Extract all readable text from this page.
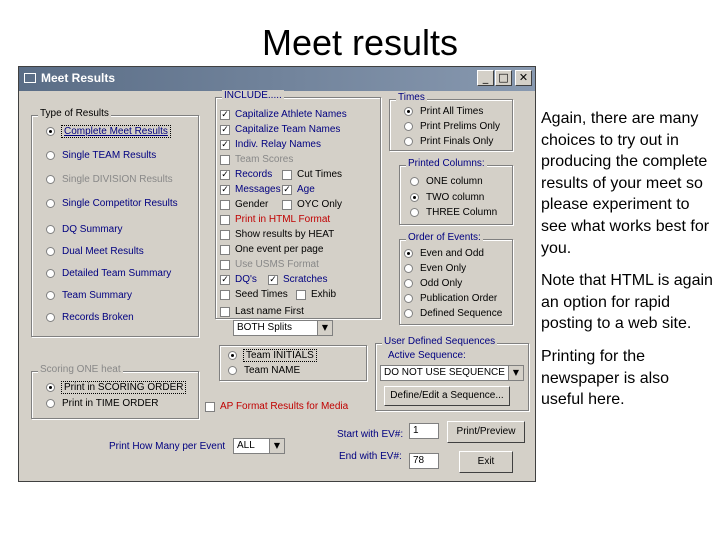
Meet results
Meet Results	_ □ ✕
Type of Results
Complete Meet Results
Single TEAM Results
Single DIVISION Results
Single Competitor Results
DQ Summary
Dual Meet Results
Detailed Team Summary
Team Summary
Records Broken
Scoring ONE heat
Print in SCORING ORDER
Print in TIME ORDER
INCLUDE.....
✓ Capitalize Athlete Names
✓ Capitalize Team Names
✓ Indiv. Relay Names
Team Scores
✓ Records Cut Times
✓ Messages ✓ Age
Gender	OYC Only
Print in HTML Format
Show results by HEAT
One event per page
Use USMS Format
✓ DQ's ✓ Scratches
Seed Times Exhib
Last name First
BOTH Splits	▼
Team INITIALS
Team NAME
Times
Print All Times
Print Prelims Only
Print Finals Only
Printed Columns:
ONE column
TWO column
THREE Column
Order of Events:
Even and Odd
Even Only
Odd Only
Publication Order
Defined Sequence
User Defined Sequences
Active Sequence:
DO NOT USE SEQUENCE ▼
Define/Edit a Sequence...
AP Format Results for Media
Print How Many per Event	ALL	▼
Start with EV#: 1
End with EV#:	78
Print/Preview
Exit

Again, there are many choices to try out in producing the complete results of your meet so please experiment to see what works best for you.

Note that HTML is again an option for rapid posting to a web site.

Printing for the newspaper is also useful here.
